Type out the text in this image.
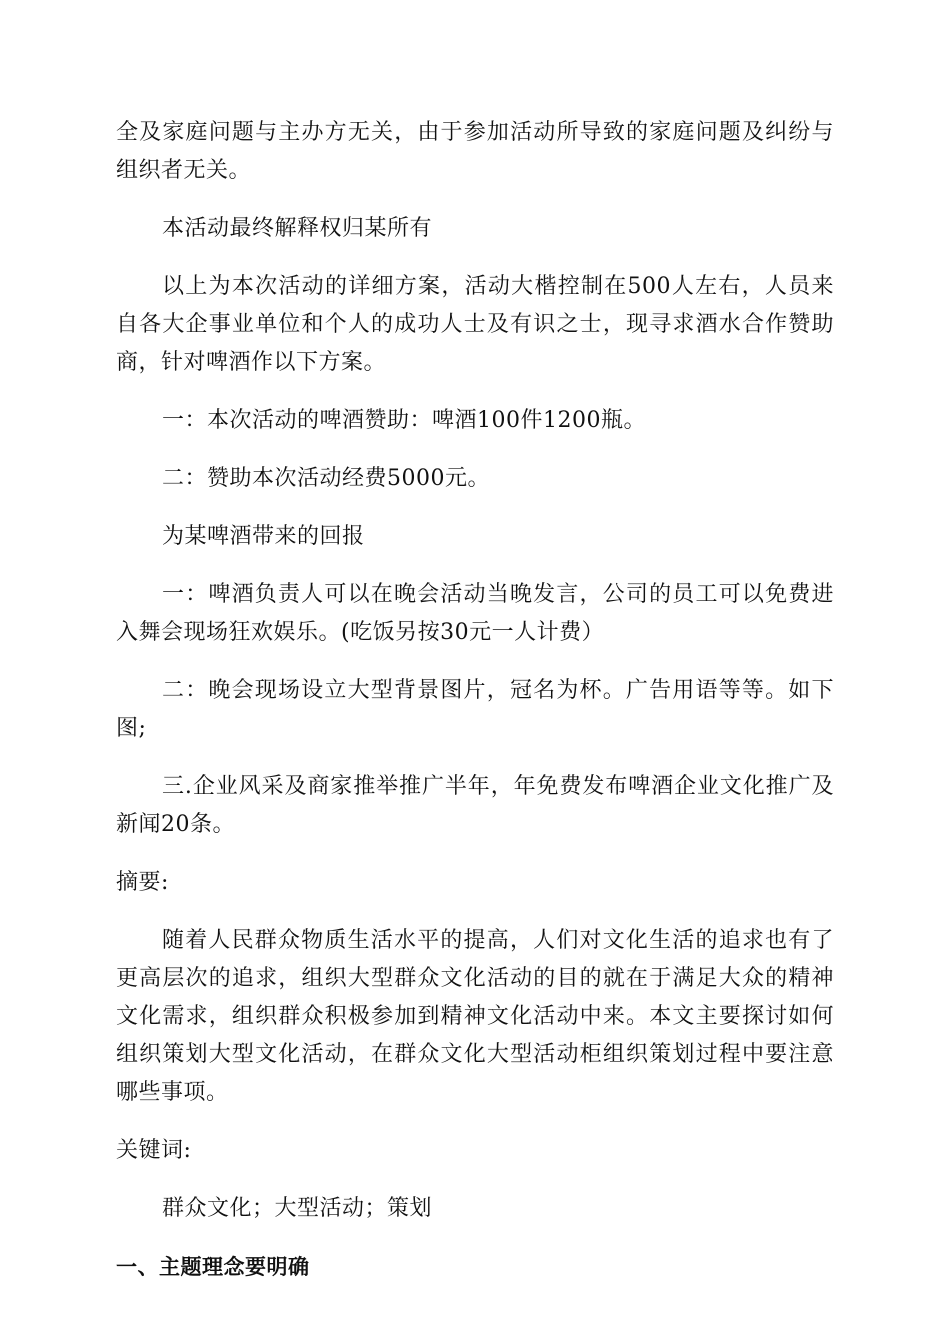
全及家庭问题与主办方无关，由于参加活动所导致的家庭问题及纠纷与组织者无关。

本活动最终解释权归某所有

以上为本次活动的详细方案，活动大楷控制在500人左右，人员来自各大企事业单位和个人的成功人士及有识之士，现寻求酒水合作赞助商，针对啤酒作以下方案。

一：本次活动的啤酒赞助：啤酒100件1200瓶。

二：赞助本次活动经费5000元。

为某啤酒带来的回报

一：啤酒负责人可以在晚会活动当晚发言，公司的员工可以免费进入舞会现场狂欢娱乐。(吃饭另按30元一人计费）

二：晚会现场设立大型背景图片，冠名为杯。广告用语等等。如下图;

三.企业风采及商家推举推广半年，年免费发布啤酒企业文化推广及新闻20条。

摘要:

随着人民群众物质生活水平的提高，人们对文化生活的追求也有了更高层次的追求，组织大型群众文化活动的目的就在于满足大众的精神文化需求，组织群众积极参加到精神文化活动中来。本文主要探讨如何组织策划大型文化活动，在群众文化大型活动柜组织策划过程中要注意哪些事项。

关键词:

群众文化；大型活动；策划

一、主题理念要明确
